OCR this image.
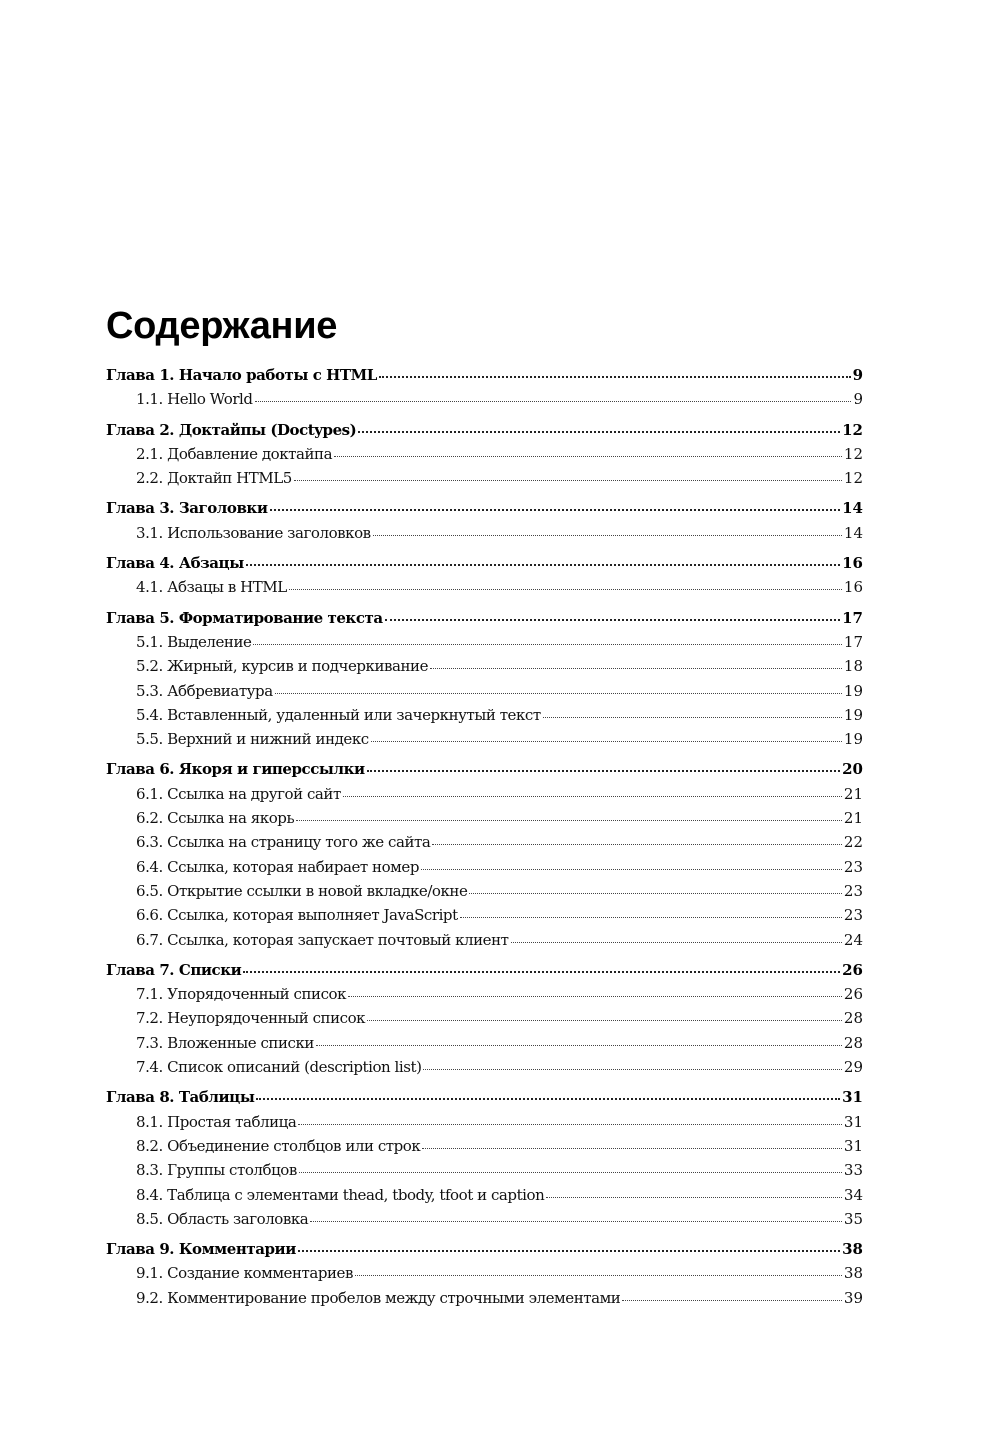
Содержание
Глава 1. Начало работы с HTML	9
1.1. Hello World	9
Глава 2. Доктайпы (Doctypes)	12
2.1. Добавление доктайпа	12
2.2. Доктайп HTML5	12
Глава 3. Заголовки	14
3.1. Использование заголовков	14
Глава 4. Абзацы	16
4.1. Абзацы в HTML	16
Глава 5. Форматирование текста	17
5.1. Выделение	17
5.2. Жирный, курсив и подчеркивание	18
5.3. Аббревиатура	19
5.4. Вставленный, удаленный или зачеркнутый текст	19
5.5. Верхний и нижний индекс	19
Глава 6. Якоря и гиперссылки	20
6.1. Ссылка на другой сайт	21
6.2. Ссылка на якорь	21
6.3. Ссылка на страницу того же сайта	22
6.4. Ссылка, которая набирает номер	23
6.5. Открытие ссылки в новой вкладке/окне	23
6.6. Ссылка, которая выполняет JavaScript	23
6.7. Ссылка, которая запускает почтовый клиент	24
Глава 7. Списки	26
7.1. Упорядоченный список	26
7.2. Неупорядоченный список	28
7.3. Вложенные списки	28
7.4. Список описаний (description list)	29
Глава 8. Таблицы	31
8.1. Простая таблица	31
8.2. Объединение столбцов или строк	31
8.3. Группы столбцов	33
8.4. Таблица с элементами thead, tbody, tfoot и caption	34
8.5. Область заголовка	35
Глава 9. Комментарии	38
9.1. Создание комментариев	38
9.2. Комментирование пробелов между строчными элементами	39
